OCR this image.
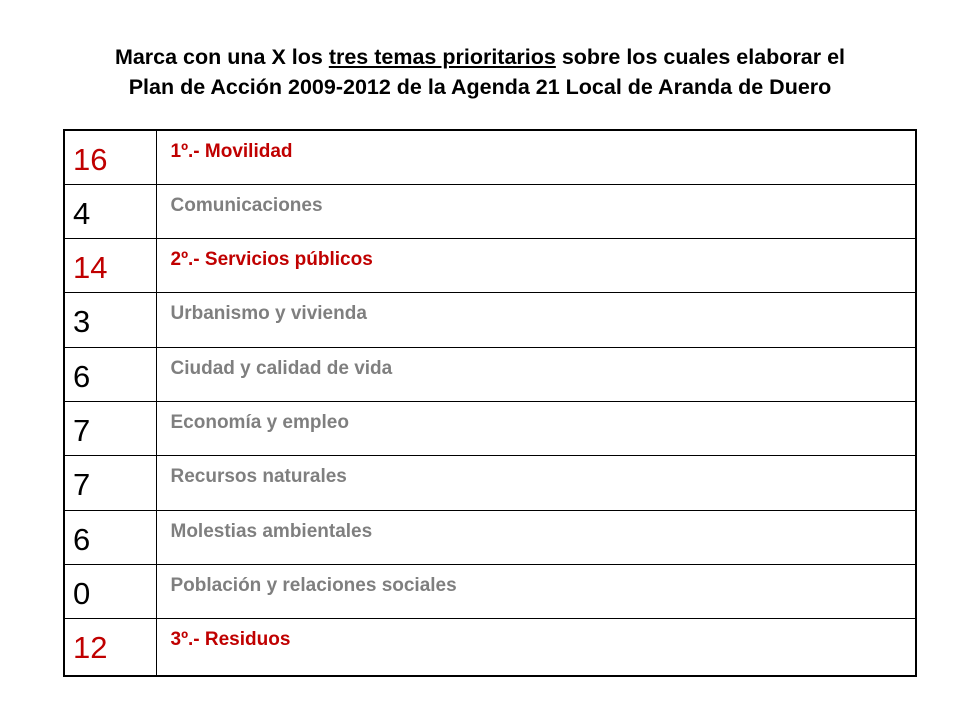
Marca con una X los tres temas prioritarios sobre los cuales elaborar el
Plan de Acción 2009-2012 de la Agenda 21 Local de Aranda de Duero
16	1º.- Movilidad
4	Comunicaciones
14	2º.- Servicios públicos
3	Urbanismo y vivienda
6	Ciudad y calidad de vida
7	Economía y empleo
7	Recursos naturales
6	Molestias ambientales
0	Población y relaciones sociales
12	3º.- Residuos
